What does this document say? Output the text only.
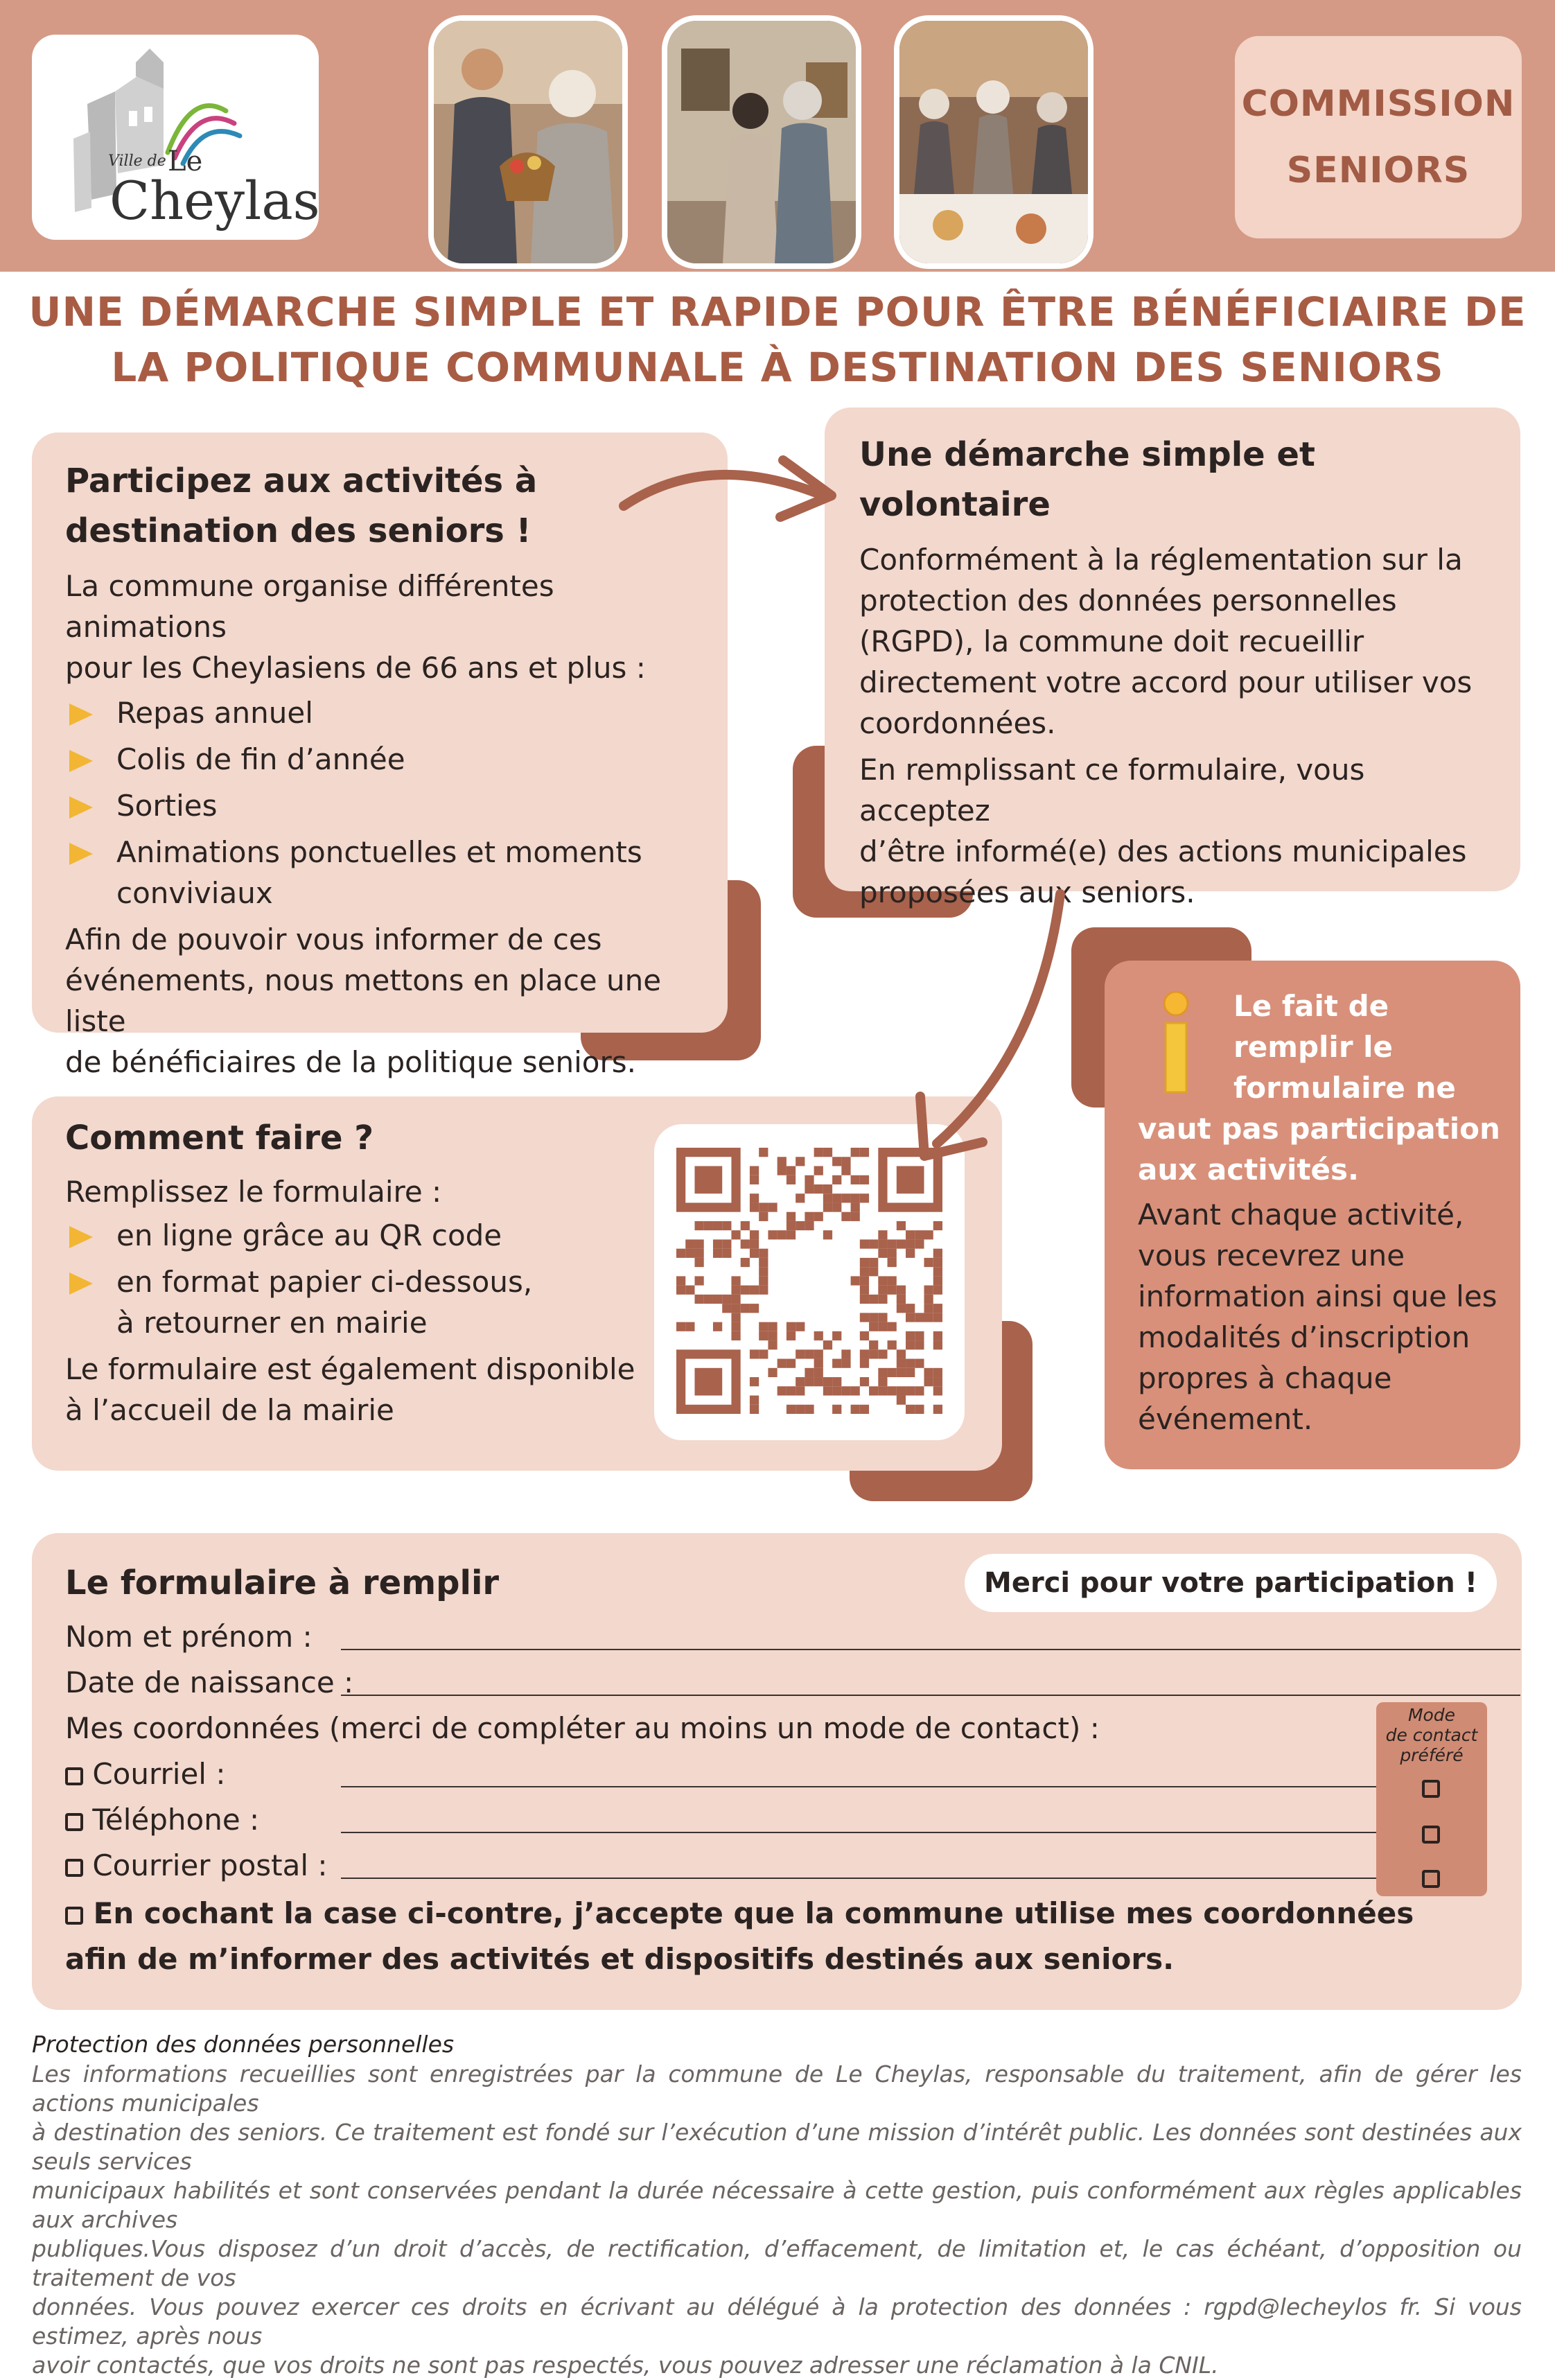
Ville de Le
Cheylas
COMMISSION
SENIORS
UNE DÉMARCHE SIMPLE ET RAPIDE POUR ÊTRE BÉNÉFICIAIRE DE
LA POLITIQUE COMMUNALE À DESTINATION DES SENIORS

Participez aux activités à

destination des seniors !

La commune organise différentes animations
pour les Cheylasiens de 66 ans et plus :
Repas annuel
Colis de fin d’année
Sorties
Animations ponctuelles et moments
conviviaux
Afin de pouvoir vous informer de ces
événements, nous mettons en place une liste
de bénéficiaires de la politique seniors.

Une démarche simple et

volontaire

Conformément à la réglementation sur la
protection des données personnelles
(RGPD), la commune doit recueillir
directement votre accord pour utiliser vos
coordonnées.
En remplissant ce formulaire, vous acceptez
d’être informé(e) des actions municipales
proposées aux seniors.
Le fait de
remplir le
formulaire ne
vaut pas participation
aux activités.
Avant chaque activité,
vous recevrez une
information ainsi que les
modalités d’inscription
propres à chaque
événement.

Comment faire ?

Remplissez le formulaire :
en ligne grâce au QR code
en format papier ci-dessous,
à retourner en mairie
Le formulaire est également disponible
à l’accueil de la mairie

Le formulaire à remplir	Merci pour votre participation !
Nom et prénom :
Date de naissance :
Mes coordonnées (merci de compléter au moins un mode de contact) :
Courriel :
Téléphone :
Courrier postal :
En cochant la case ci-contre, j’accepte que la commune utilise mes coordonnées
afin de m’informer des activités et dispositifs destinés aux seniors.
Mode
de contact
préféré
Protection des données personnelles
Les informations recueillies sont enregistrées par la commune de Le Cheylas, responsable du traitement, afin de gérer les actions municipales
à destination des seniors. Ce traitement est fondé sur l’exécution d’une mission d’intérêt public. Les données sont destinées aux seuls services
municipaux habilités et sont conservées pendant la durée nécessaire à cette gestion, puis conformément aux règles applicables aux archives
publiques.Vous disposez d’un droit d’accès, de rectification, d’effacement, de limitation et, le cas échéant, d’opposition ou traitement de vos
données. Vous pouvez exercer ces droits en écrivant au délégué à la protection des données : rgpd@lecheylos fr. Si vous estimez, après nous
avoir contactés, que vos droits ne sont pas respectés, vous pouvez adresser une réclamation à la CNIL.
